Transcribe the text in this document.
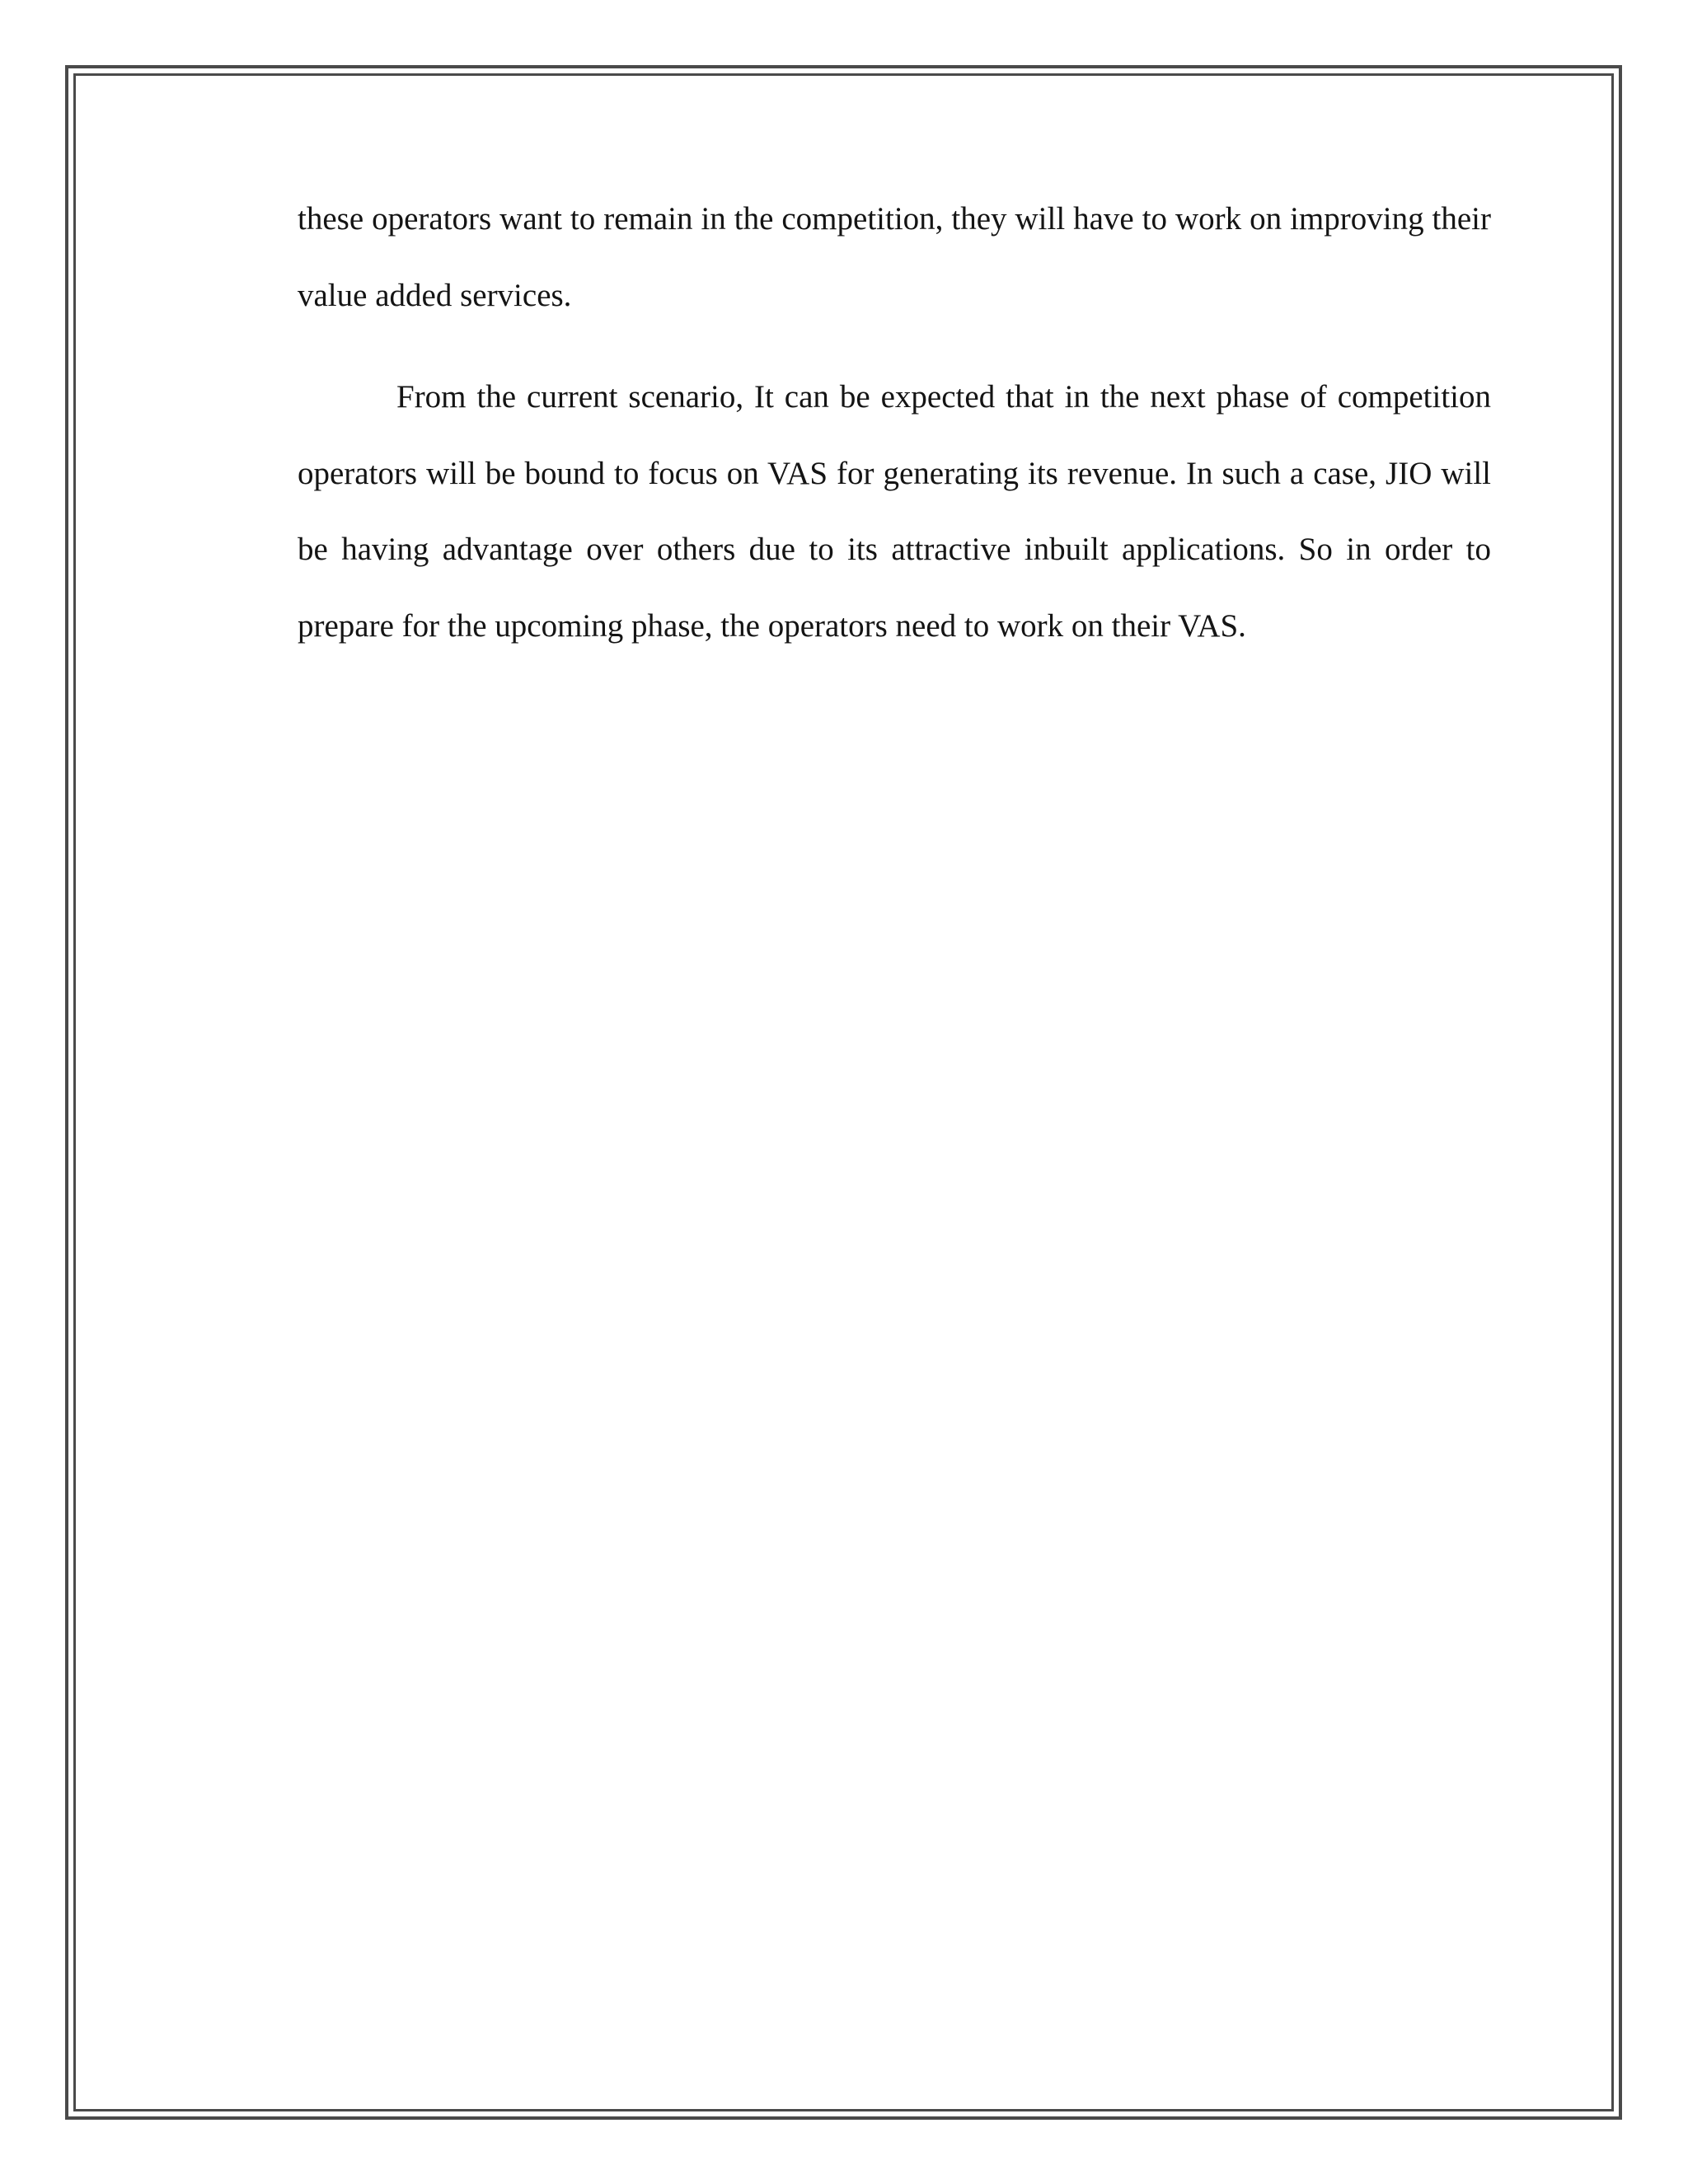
these operators want to remain in the competition, they will have to work on improving their value added services.

From the current scenario, It can be expected that in the next phase of competition operators will be bound to focus on VAS for generating its revenue. In such a case, JIO will be having advantage over others due to its attractive inbuilt applications. So in order to prepare for the upcoming phase, the operators need to work on their VAS.
